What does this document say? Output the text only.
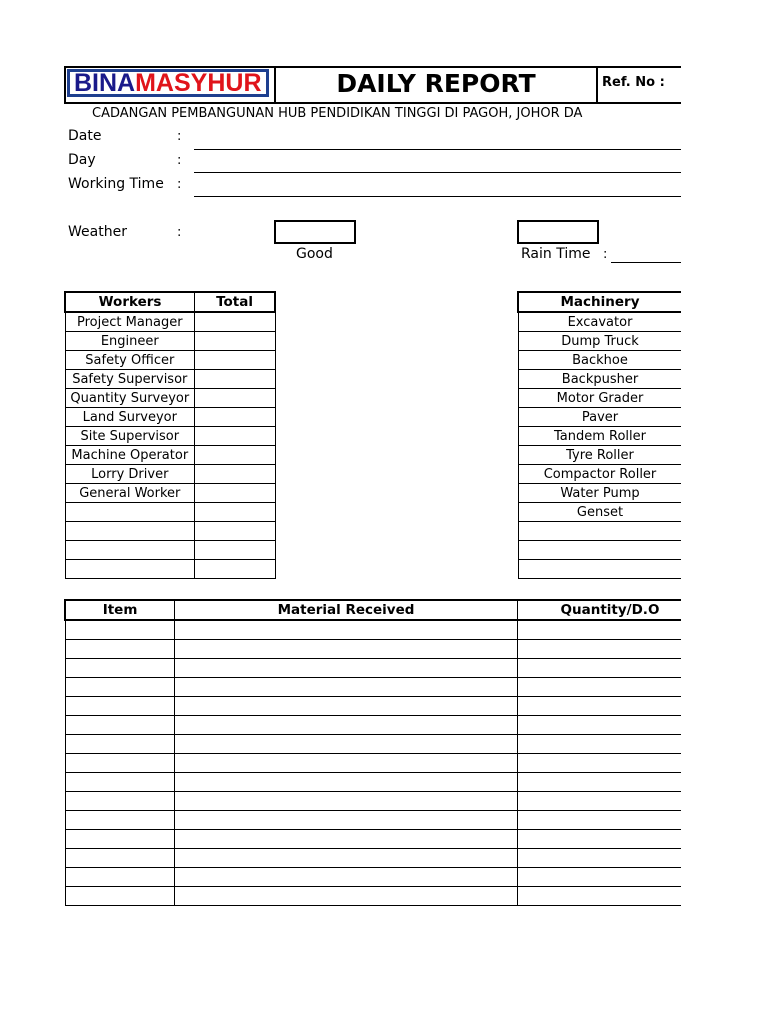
BINAMASYHUR	DAILY REPORT	Ref. No :
CADANGAN PEMBANGUNAN HUB PENDIDIKAN TINGGI DI PAGOH, JOHOR DA
Date	:
Day	:
Working Time :
Weather	:
Good	Rain Time :
Workers	Total
Project Manager	
Engineer	
Safety Officer	
Safety Supervisor	
Quantity Surveyor	
Land Surveyor	
Site Supervisor	
Machine Operator	
Lorry Driver	
General Worker	

Machinery
Excavator
Dump Truck
Backhoe
Backpusher
Motor Grader
Paver
Tandem Roller
Tyre Roller
Compactor Roller
Water Pump
Genset

Item	Material Received	Quantity/D.O
